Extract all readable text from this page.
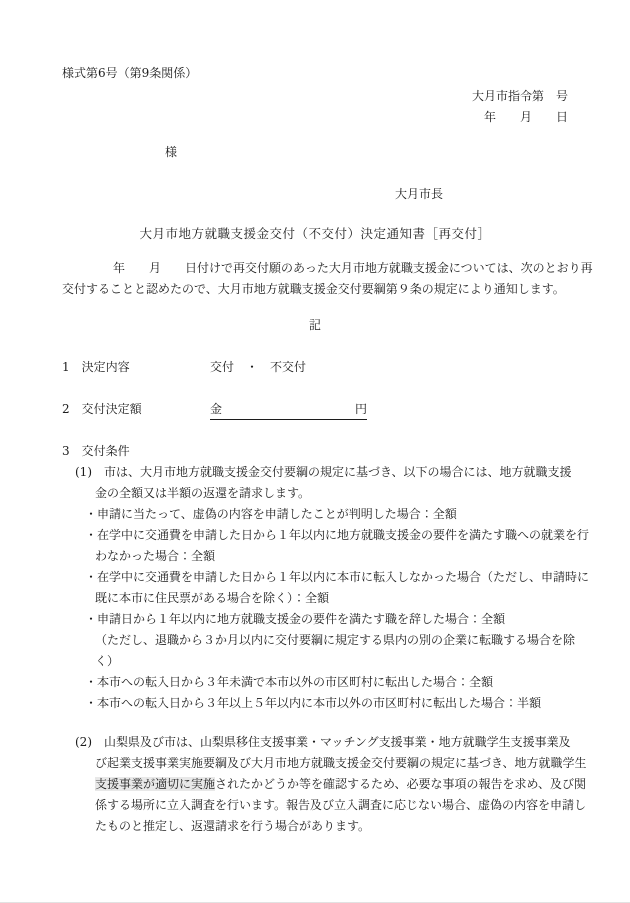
様式第6号（第9条関係）
大月市指令第　号
年　　月　　日
様
大月市長
大月市地方就職支援金交付（不交付）決定通知書［再交付］
年　　月　　日付けで再交付願のあった大月市地方就職支援金については、次のとおり再
交付することと認めたので、大月市地方就職支援金交付要綱第９条の規定により通知します。
記
1　決定内容	交付　・　不交付
2　交付決定額	金	円
3　交付条件
(1)　市は、大月市地方就職支援金交付要綱の規定に基づき、以下の場合には、地方就職支援
金の全額又は半額の返還を請求します。
・申請に当たって、虚偽の内容を申請したことが判明した場合：全額
・在学中に交通費を申請した日から１年以内に地方就職支援金の要件を満たす職への就業を行
わなかった場合：全額
・在学中に交通費を申請した日から１年以内に本市に転入しなかった場合（ただし、申請時に
既に本市に住民票がある場合を除く）：全額
・申請日から１年以内に地方就職支援金の要件を満たす職を辞した場合：全額
（ただし、退職から３か月以内に交付要綱に規定する県内の別の企業に転職する場合を除
く）
・本市への転入日から３年未満で本市以外の市区町村に転出した場合：全額
・本市への転入日から３年以上５年以内に本市以外の市区町村に転出した場合：半額
(2)　山梨県及び市は、山梨県移住支援事業・マッチング支援事業・地方就職学生支援事業及
び起業支援事業実施要綱及び大月市地方就職支援金交付要綱の規定に基づき、地方就職学生
支援事業が適切に実施されたかどうか等を確認するため、必要な事項の報告を求め、及び関
係する場所に立入調査を行います。報告及び立入調査に応じない場合、虚偽の内容を申請し
たものと推定し、返還請求を行う場合があります。
